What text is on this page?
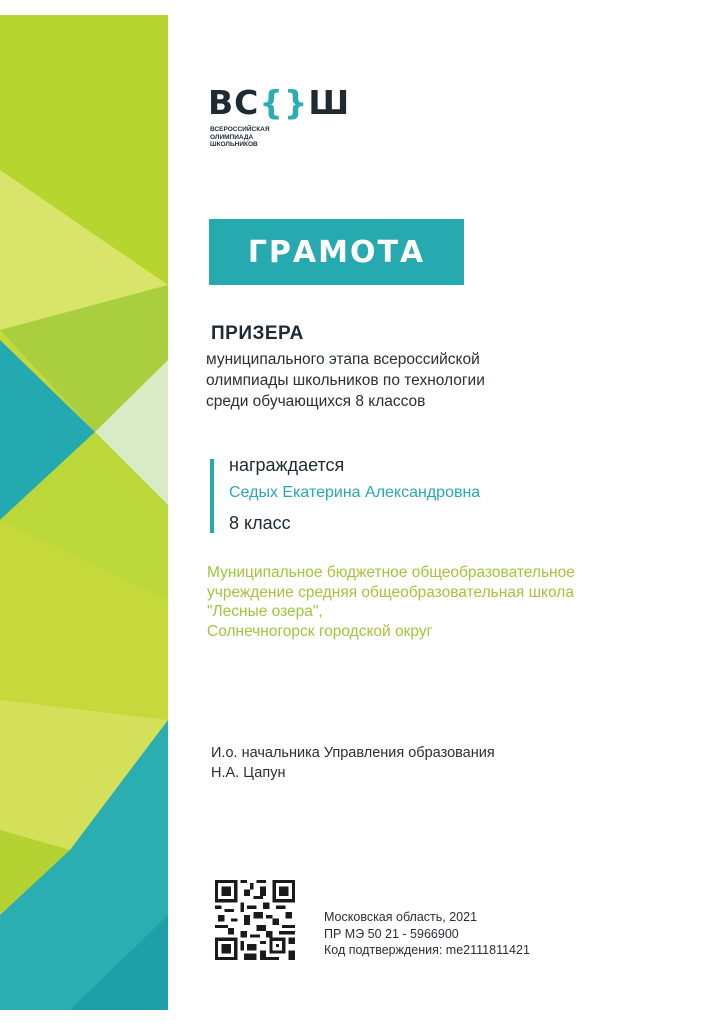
ВС{}Ш
ВСЕРОССИЙСКАЯ
ОЛИМПИАДА
ШКОЛЬНИКОВ
ГРАМОТА
ПРИЗЕРА
муниципального этапа всероссийской
олимпиады школьников по технологии
среди обучающихся 8 классов
награждается
Седых Екатерина Александровна
8 класс
Муниципальное бюджетное общеобразовательное
учреждение средняя общеобразовательная школа
"Лесные озера",
Солнечногорск городской округ
И.о. начальника Управления образования
Н.А. Цапун
Московская область, 2021
ПР МЭ 50 21 - 5966900
Код подтверждения: me2111811421
